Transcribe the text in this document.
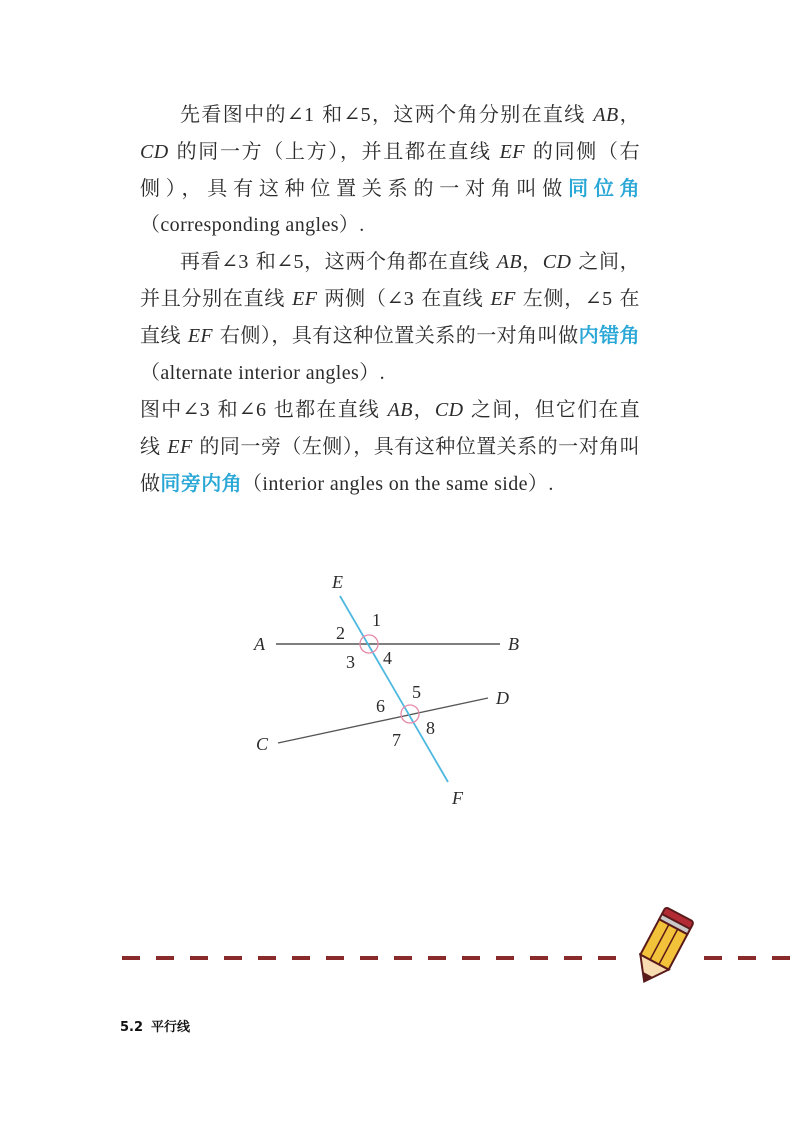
先看图中的∠1 和∠5，这两个角分别在直线 AB，CD 的同一方（上方），并且都在直线 EF 的同侧（右侧），具有这种位置关系的一对角叫做同位角（corresponding angles）.

再看∠3 和∠5，这两个角都在直线 AB，CD 之间，并且分别在直线 EF 两侧（∠3 在直线 EF 左侧，∠5 在直线 EF 右侧），具有这种位置关系的一对角叫做内错角（alternate interior angles）.

图中∠3 和∠6 也都在直线 AB，CD 之间，但它们在直线 EF 的同一旁（左侧），具有这种位置关系的一对角叫做同旁内角（interior angles on the same side）.

E
F
A	B
C
D
1
2
3 4
5
6
7
8
5.2 平行线
